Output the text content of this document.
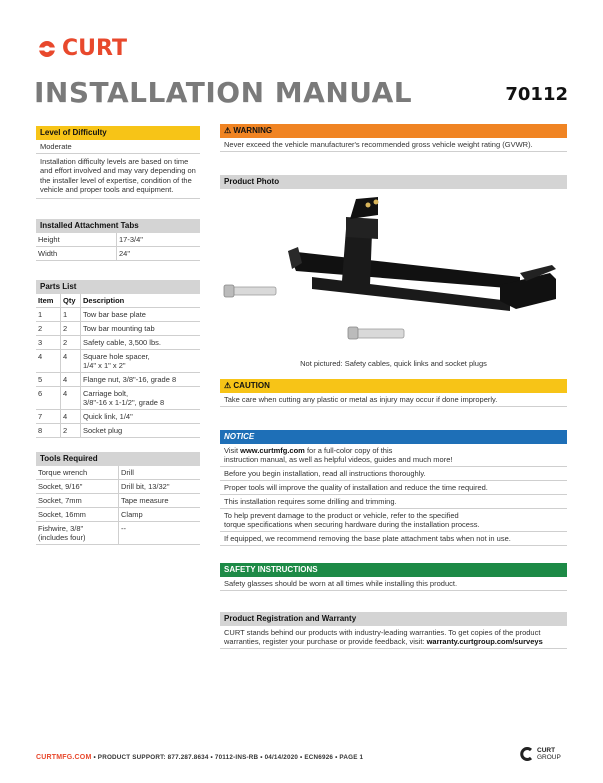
CURT
INSTALLATION MANUAL	70112
Level of Difficulty
Moderate
Installation difficulty levels are based on time
and effort involved and may vary depending on
the installer level of expertise, condition of the
vehicle and proper tools and equipment.
Installed Attachment Tabs
Height	17-3/4"
Width	24"
Parts List
Item	Qty	Description
1	1	Tow bar base plate
2	2	Tow bar mounting tab
3	2	Safety cable, 3,500 lbs.
4	4	Square hole spacer,
1/4" x 1" x 2"
5	4	Flange nut, 3/8"-16, grade 8
6	4	Carriage bolt,
3/8"-16 x 1-1/2", grade 8
7	4	Quick link, 1/4"
8	2	Socket plug
Tools Required
Torque wrench	Drill
Socket, 9/16"	Drill bit, 13/32"
Socket, 7mm	Tape measure
Socket, 16mm	Clamp
Fishwire, 3/8"
(includes four)	--
⚠ WARNING
Never exceed the vehicle manufacturer's recommended gross vehicle weight rating (GVWR).
Product Photo
Not pictured: Safety cables, quick links and socket plugs
⚠ CAUTION
Take care when cutting any plastic or metal as injury may occur if done improperly.
NOTICE
Visit www.curtmfg.com for a full-color copy of this
instruction manual, as well as helpful videos, guides and much more!
Before you begin installation, read all instructions thoroughly.
Proper tools will improve the quality of installation and reduce the time required.
This installation requires some drilling and trimming.
To help prevent damage to the product or vehicle, refer to the specified
torque specifications when securing hardware during the installation process.
If equipped, we recommend removing the base plate attachment tabs when not in use.
SAFETY INSTRUCTIONS
Safety glasses should be worn at all times while installing this product.
Product Registration and Warranty
CURT stands behind our products with industry-leading warranties. To get copies of the product
warranties, register your purchase or provide feedback, visit: warranty.curtgroup.com/surveys
CURTMFG.COM • PRODUCT SUPPORT: 877.287.8634 • 70112-INS-RB • 04/14/2020 • ECN6926 • PAGE 1
CURT
GROUP
